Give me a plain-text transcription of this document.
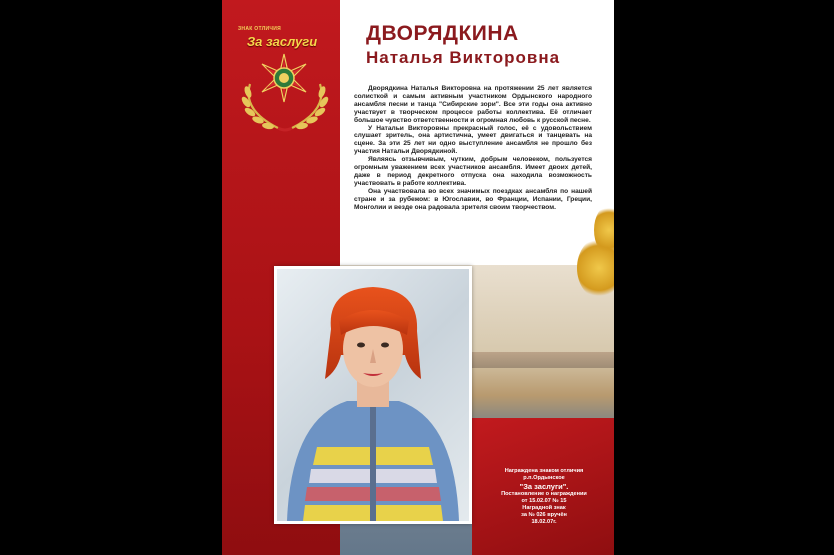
ЗНАК ОТЛИЧИЯ
За заслуги	ДВОРЯДКИНА
Наталья Викторовна

Дворядкина Наталья Викторовна на протяжении 25 лет является солисткой и самым активным участником Ордынского народного ансамбля песни и танца "Сибирские зори". Все эти годы она активно участвует в творческом процессе работы коллектива. Её отличает большое чувство ответственности и огромная любовь к русской песне.

У Натальи Викторовны прекрасный голос, её с удовольствием слушает зритель, она артистична, умеет двигаться и танцевать на сцене. За эти 25 лет ни одно выступление ансамбля не прошло без участия Натальи Дворядкиной.

Являясь отзывчивым, чутким, добрым человеком, пользуется огромным уважением всех участников ансамбля. Имеет двоих детей, даже в период декретного отпуска она находила возможность участвовать в работе коллектива.

Она участвовала во всех значимых поездках ансамбля по нашей стране и за рубежом: в Югославии, во Франции, Испании, Греции, Монголии и везде она радовала зрителя своим творчеством.

Награждена знаком отличия
р.п.Ордынское
"За заслуги".
Постановление о награждении
от 15.02.07 № 15
Наградной знак
за № 026 вручён
18.02.07г.
